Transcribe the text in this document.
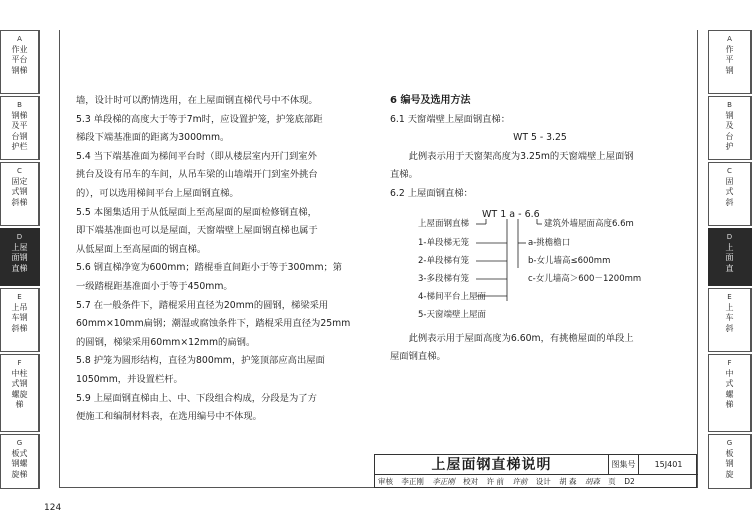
A
作业
平台
钢梯
B
钢梯
及平
台钢
护栏
C
固定
式钢
斜梯
D
上屋
面钢
直梯
E
上吊
车钢
斜梯
F
中柱
式钢
螺旋
梯
G
板式
钢螺
旋梯
A
作
平
钢
B
钢
及
台
护
C
固
式
斜
D
上
面
直
E
上
车
斜
F
中
式
螺
梯
G
板
钢
旋

墙，设计时可以酌情选用，在上屋面钢直梯代号中不体现。

5.3 单段梯的高度大于等于7m时，应设置护笼，护笼底部距

梯段下端基准面的距离为3000mm。

5.4 当下端基准面为梯间平台时（即从楼层室内开门到室外

挑台及设有吊车的车间，从吊车梁的山墙端开门到室外挑台

的），可以选用梯间平台上屋面钢直梯。

5.5 本图集适用于从低屋面上至高屋面的屋面检修钢直梯，

即下端基准面也可以是屋面，天窗端壁上屋面钢直梯也属于

从低屋面上至高屋面的钢直梯。

5.6 钢直梯净宽为600mm；踏棍垂直间距小于等于300mm；第

一级踏棍距基准面小于等于450mm。

5.7 在一般条件下，踏棍采用直径为20mm的圆钢，梯梁采用

60mm×10mm扁钢；潮湿或腐蚀条件下，踏棍采用直径为25mm

的圆钢，梯梁采用60mm×12mm的扁钢。

5.8 护笼为圆形结构，直径为800mm，护笼顶部应高出屋面

1050mm，并设置栏杆。

5.9 上屋面钢直梯由上、中、下段组合构成，分段是为了方

便施工和编制材料表，在选用编号中不体现。

6 编号及选用方法

6.1 天窗端壁上屋面钢直梯：

WT 5 - 3.25

此例表示用于天窗架高度为3.25m的天窗端壁上屋面钢

直梯。

6.2 上屋面钢直梯：

WT 1 a - 6.6
上屋面钢直梯	建筑外墙屋面高度6.6m
1-单段梯无笼
2-单段梯有笼
3-多段梯有笼
4-梯间平台上屋面
5-天窗端壁上屋面
a-挑檐檐口
b-女儿墙高≤600mm
c-女儿墙高＞600－1200mm

此例表示用于屋面高度为6.60m，有挑檐屋面的单段上

屋面钢直梯。

上屋面钢直梯说明	图集号	15J401
审核 李正刚 李正刚 校对 许 前 许前 设计 胡 森 胡森 页 D2
124
